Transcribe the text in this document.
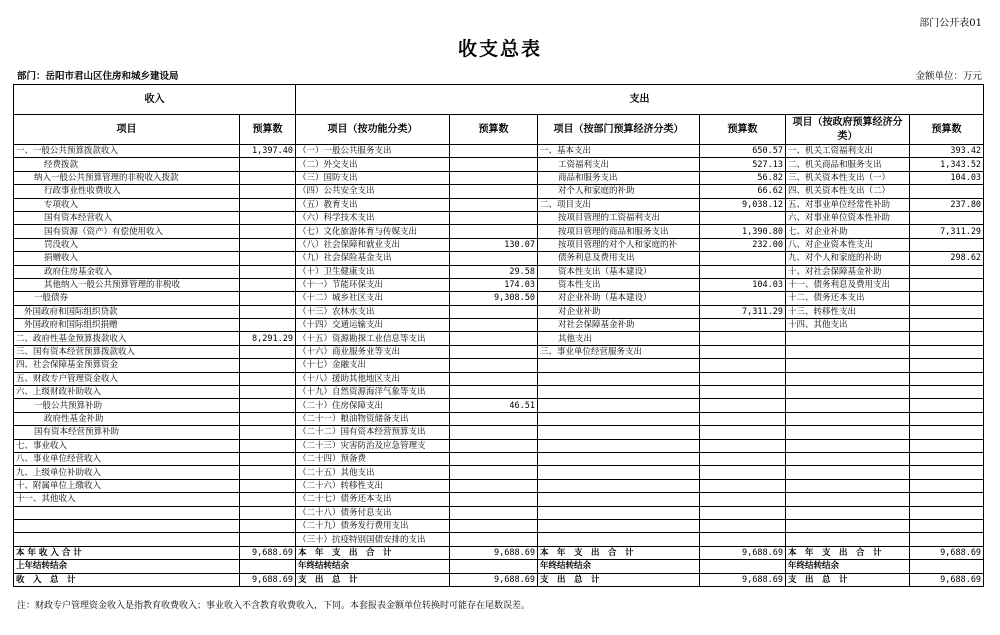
部门公开表01
收支总表
部门：岳阳市君山区住房和城乡建设局	金额单位：万元
收入		支出					
项目	预算数	项目（按功能分类）	预算数	项目（按部门预算经济分类）	预算数	项目（按政府预算经济分类）	预算数
一、一般公共预算拨款收入	1,397.40	（一）一般公共服务支出		一、基本支出	650.57	一、机关工资福利支出	393.42
经费拨款		（二）外交支出		工资福利支出	527.13	二、机关商品和服务支出	1,343.52
纳入一般公共预算管理的非税收入拨款		（三）国防支出		商品和服务支出	56.82	三、机关资本性支出（一）	104.03
行政事业性收费收入		（四）公共安全支出		对个人和家庭的补助	66.62	四、机关资本性支出（二）	
专项收入		（五）教育支出		二、项目支出	9,038.12	五、对事业单位经常性补助	237.80
国有资本经营收入		（六）科学技术支出		按项目管理的工资福利支出		六、对事业单位资本性补助	
国有资源（资产）有偿使用收入		（七）文化旅游体育与传媒支出		按项目管理的商品和服务支出	1,390.80	七、对企业补助	7,311.29
罚没收入		（八）社会保障和就业支出	130.07	按项目管理的对个人和家庭的补	232.00	八、对企业资本性支出	
捐赠收入		（九）社会保险基金支出		债务利息及费用支出		九、对个人和家庭的补助	298.62
政府住房基金收入		（十）卫生健康支出	29.58	资本性支出（基本建设）		十、对社会保障基金补助	
其他纳入一般公共预算管理的非税收		（十一）节能环保支出	174.03	资本性支出	104.03	十一、债务利息及费用支出	
一般债券		（十二）城乡社区支出	9,308.50	对企业补助（基本建设）		十二、债务还本支出	
外国政府和国际组织贷款		（十三）农林水支出		对企业补助	7,311.29	十三、转移性支出	
外国政府和国际组织捐赠		（十四）交通运输支出		对社会保障基金补助		十四、其他支出	
二、政府性基金预算拨款收入	8,291.29	（十五）资源勘探工业信息等支出		其他支出			
三、国有资本经营预算拨款收入		（十六）商业服务业等支出		三、事业单位经营服务支出			
四、社会保障基金预算资金		（十七）金融支出					
五、财政专户管理资金收入		（十八）援助其他地区支出					
六、上级财政补助收入		（十九）自然资源海洋气象等支出					
一般公共预算补助		（二十）住房保障支出	46.51				
政府性基金补助		（二十一）粮油物资储备支出					
国有资本经营预算补助		（二十二）国有资本经营预算支出					
七、事业收入		（二十三）灾害防治及应急管理支					
八、事业单位经营收入		（二十四）预备费					
九、上级单位补助收入		（二十五）其他支出					
十、附属单位上缴收入		（二十六）转移性支出					
十一、其他收入		（二十七）债务还本支出					
		（二十八）债务付息支出					
		（二十九）债务发行费用支出					
		（三十）抗疫特别国债安排的支出					
本 年 收 入 合 计	9,688.69	本　年　支　出　合　计	9,688.69	本　年　支　出　合　计	9,688.69	本　年　支　出　合　计	9,688.69
上年结转结余		年终结转结余		年终结转结余		年终结转结余	
收　入　总　计	9,688.69	支　出　总　计	9,688.69	支　出　总　计	9,688.69	支　出　总　计	9,688.69
注：财政专户管理资金收入是指教育收费收入；事业收入不含教育收费收入，下同。本套报表金额单位转换时可能存在尾数误差。
